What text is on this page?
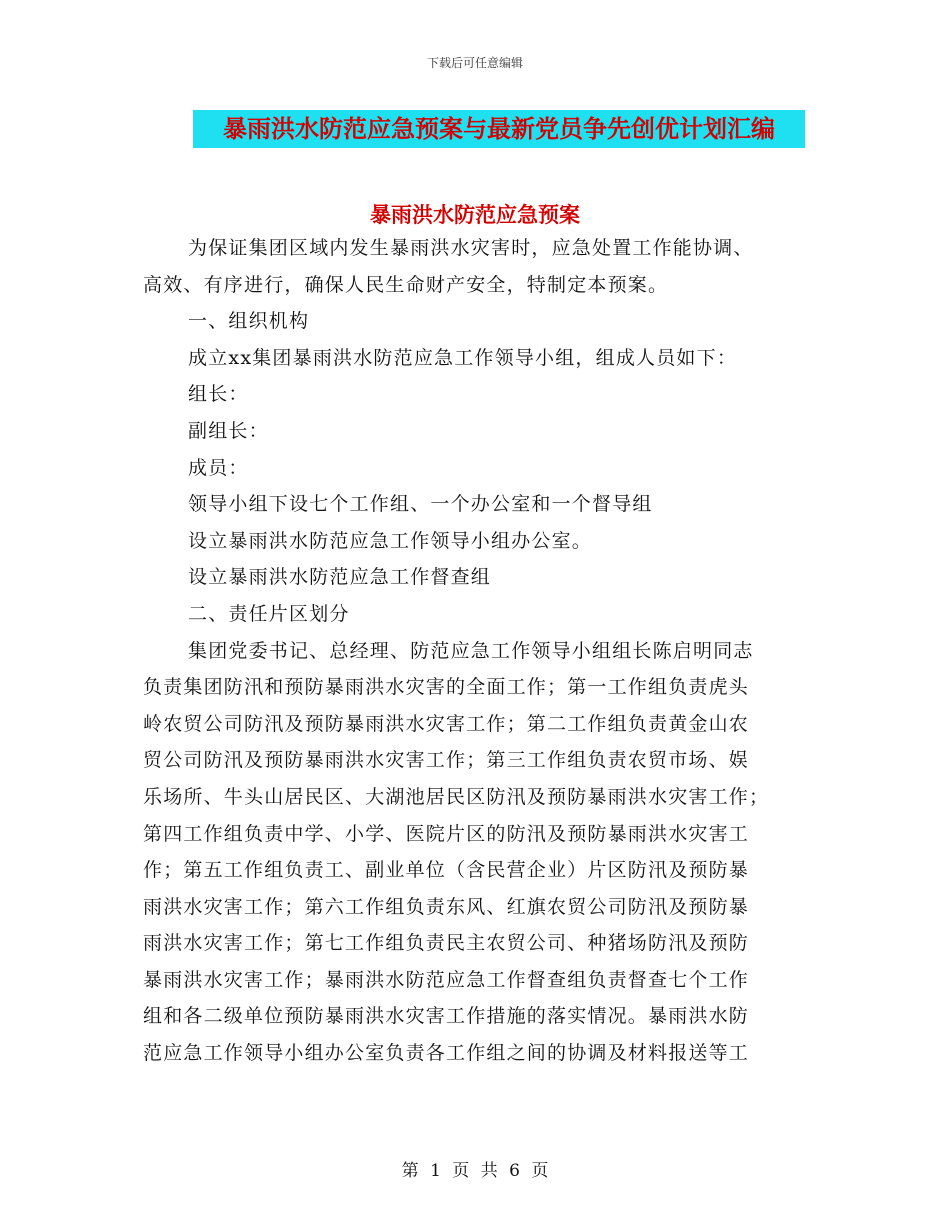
下载后可任意编辑
暴雨洪水防范应急预案与最新党员争先创优计划汇编
暴雨洪水防范应急预案

为保证集团区域内发生暴雨洪水灾害时，应急处置工作能协调、
高效、有序进行，确保人民生命财产安全，特制定本预案。

一、组织机构

成立xx集团暴雨洪水防范应急工作领导小组，组成人员如下：

组长：

副组长：

成员：

领导小组下设七个工作组、一个办公室和一个督导组

设立暴雨洪水防范应急工作领导小组办公室。

设立暴雨洪水防范应急工作督查组

二、责任片区划分

集团党委书记、总经理、防范应急工作领导小组组长陈启明同志
负责集团防汛和预防暴雨洪水灾害的全面工作；第一工作组负责虎头
岭农贸公司防汛及预防暴雨洪水灾害工作；第二工作组负责黄金山农
贸公司防汛及预防暴雨洪水灾害工作；第三工作组负责农贸市场、娱
乐场所、牛头山居民区、大湖池居民区防汛及预防暴雨洪水灾害工作；
第四工作组负责中学、小学、医院片区的防汛及预防暴雨洪水灾害工
作；第五工作组负责工、副业单位（含民营企业）片区防汛及预防暴
雨洪水灾害工作；第六工作组负责东风、红旗农贸公司防汛及预防暴
雨洪水灾害工作；第七工作组负责民主农贸公司、种猪场防汛及预防
暴雨洪水灾害工作；暴雨洪水防范应急工作督查组负责督查七个工作
组和各二级单位预防暴雨洪水灾害工作措施的落实情况。暴雨洪水防
范应急工作领导小组办公室负责各工作组之间的协调及材料报送等工

第 1 页 共 6 页
